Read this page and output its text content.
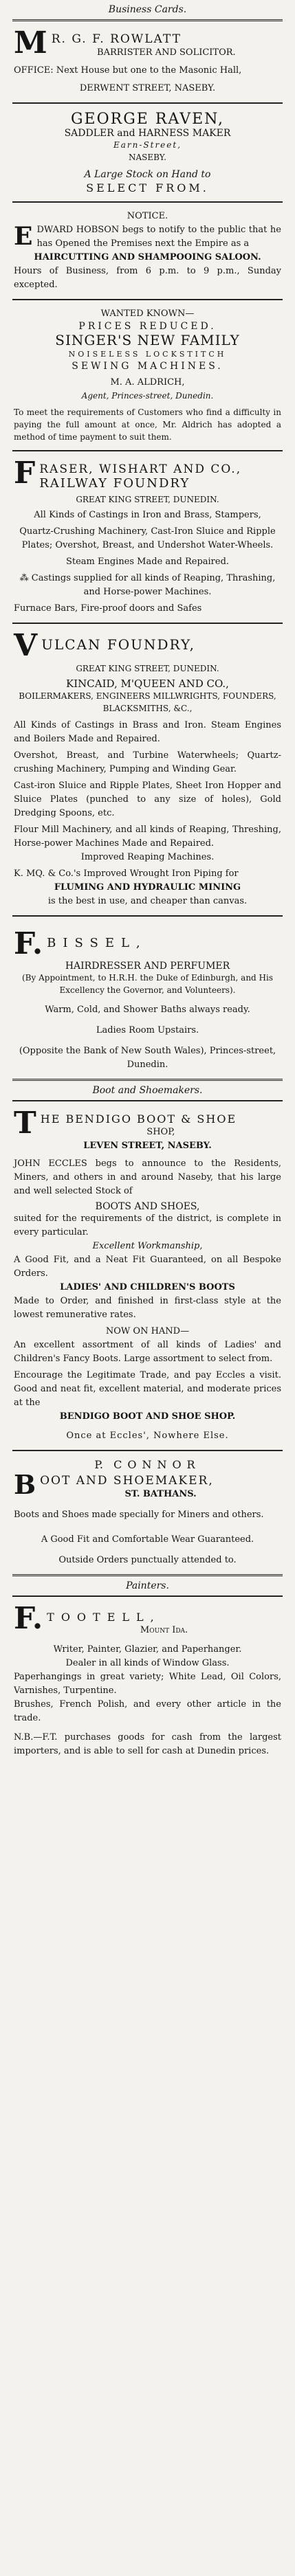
Business Cards.
M R. G. F. ROWLATT
BARRISTER AND SOLICITOR.
OFFICE: Next House but one to the Masonic Hall,
DERWENT STREET, NASEBY.
GEORGE RAVEN,
SADDLER and HARNESS MAKER
Earn-Street,
NASEBY.
A Large Stock on Hand to
SELECT FROM.
NOTICE.
E DWARD HOBSON begs to notify to the public that he has Opened the Premises next the Empire as a
HAIRCUTTING AND SHAMPOOING SALOON.
Hours of Business, from 6 p.m. to 9 p.m., Sunday excepted.
WANTED KNOWN—
PRICES REDUCED.
SINGER'S NEW FAMILY
NOISELESS LOCKSTITCH
SEWING MACHINES.
M. A. ALDRICH,
Agent, Princes-street, Dunedin.
To meet the requirements of Customers who find a difficulty in paying the full amount at once, Mr. Aldrich has adopted a method of time payment to suit them.
F RASER, WISHART AND CO.,
RAILWAY FOUNDRY
GREAT KING STREET, DUNEDIN.
All Kinds of Castings in Iron and Brass, Stampers,
Quartz-Crushing Machinery, Cast-Iron Sluice and Ripple Plates; Overshot, Breast, and Undershot Water-Wheels.
Steam Engines Made and Repaired.
⁂ Castings supplied for all kinds of Reaping, Thrashing, and Horse-power Machines.
Furnace Bars, Fire-proof doors and Safes
V ULCAN FOUNDRY,
GREAT KING STREET, DUNEDIN.
KINCAID, M'QUEEN AND CO.,
BOILERMAKERS, ENGINEERS MILLWRIGHTS, FOUNDERS, BLACKSMITHS, &C.,
All Kinds of Castings in Brass and Iron. Steam Engines and Boilers Made and Repaired.
Overshot, Breast, and Turbine Waterwheels; Quartz-crushing Machinery, Pumping and Winding Gear.
Cast-iron Sluice and Ripple Plates, Sheet Iron Hopper and Sluice Plates (punched to any size of holes), Gold Dredging Spoons, etc.
Flour Mill Machinery, and all kinds of Reaping, Threshing, Horse-power Machines Made and Repaired.
Improved Reaping Machines.
K. MQ. & Co.'s Improved Wrought Iron Piping for
FLUMING AND HYDRAULIC MINING
is the best in use, and cheaper than canvas.
F. BISSEL,
HAIRDRESSER AND PERFUMER
(By Appointment, to H.R.H. the Duke of Edinburgh, and His Excellency the Governor, and Volunteers).
Warm, Cold, and Shower Baths always ready.
Ladies Room Upstairs.
(Opposite the Bank of New South Wales), Princes-street, Dunedin.
Boot and Shoemakers.
T HE BENDIGO BOOT & SHOE
SHOP,
LEVEN STREET, NASEBY.
JOHN ECCLES begs to announce to the Residents, Miners, and others in and around Naseby, that his large and well selected Stock of
BOOTS AND SHOES,
suited for the requirements of the district, is complete in every particular.
Excellent Workmanship,
A Good Fit, and a Neat Fit Guaranteed, on all Bespoke Orders.
LADIES' AND CHILDREN'S BOOTS
Made to Order, and finished in first-class style at the lowest remunerative rates.
NOW ON HAND—
An excellent assortment of all kinds of Ladies' and Children's Fancy Boots. Large assortment to select from.
Encourage the Legitimate Trade, and pay Eccles a visit. Good and neat fit, excellent material, and moderate prices at the
BENDIGO BOOT AND SHOE SHOP.
Once at Eccles', Nowhere Else.
P. CONNOR
B OOT AND SHOEMAKER,
ST. BATHANS.
Boots and Shoes made specially for Miners and others.
A Good Fit and Comfortable Wear Guaranteed.
Outside Orders punctually attended to.
Painters.
F. TOOTELL,
Mount Ida.
Writer, Painter, Glazier, and Paperhanger.
Dealer in all kinds of Window Glass.
Paperhangings in great variety; White Lead, Oil Colors, Varnishes, Turpentine.
Brushes, French Polish, and every other article in the trade.
N.B.—F.T. purchases goods for cash from the largest importers, and is able to sell for cash at Dunedin prices.
